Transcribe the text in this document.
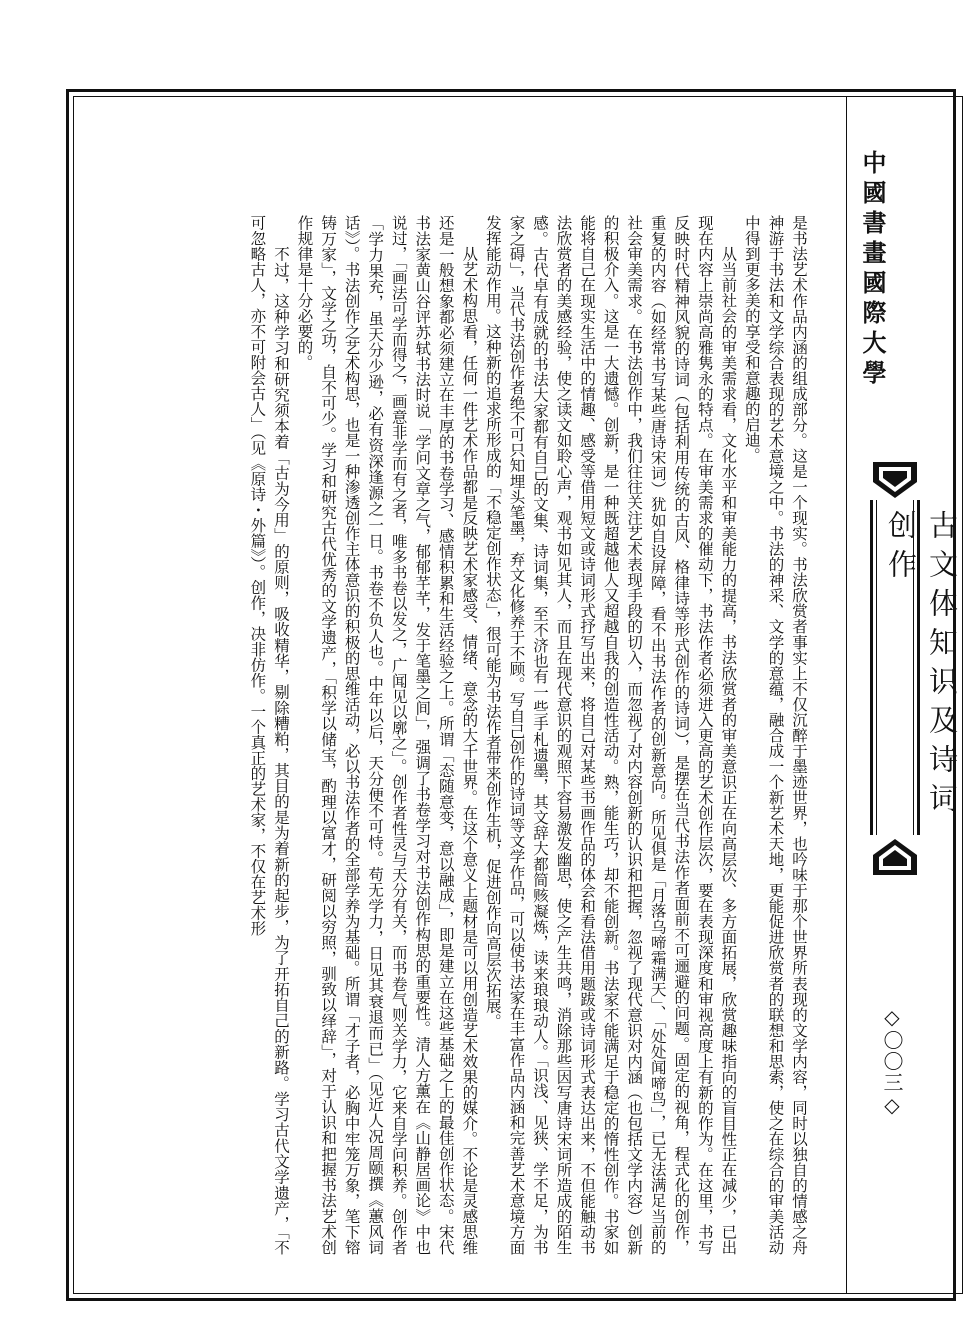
中國書畫國際大學
古文体知识及诗词创作
◇〇〇三◇

是书法艺术作品内涵的组成部分。这是一个现实。书法欣赏者事实上不仅沉醉于墨迹世界，也吟味于那个世界所表现的文学内容，同时以独自的情感之舟神游于书法和文学综合表现的艺术意境之中。书法的神采、文学的意蕴，融合成一个新艺术天地，更能促进欣赏者的联想和思索，使之在综合的审美活动中得到更多美的享受和意趣的启迪。

从当前社会的审美需求看，文化水平和审美能力的提高，书法欣赏者的审美意识正在向高层次、多方面拓展，欣赏趣味指向的盲目性正在减少，已出现在内容上崇尚高雅隽永的特点。在审美需求的催动下，书法作者必须进入更高的艺术创作层次，要在表现深度和审视高度上有新的作为。在这里，书写反映时代精神风貌的诗词（包括利用传统的古风、格律诗等形式创作的诗词），是摆在当代书法作者面前不可逦避的问题。固定的视角，程式化的创作，重复的内容（如经常书写某些唐诗宋词）犹如自设屏障，看不出书法作者的创新意向。所见俱是「月落乌啼霜满天」、「处处闻啼鸟」，已无法满足当前的社会审美需求。在书法创作中，我们往往关注艺术表现手段的切入，而忽视了对内容创新的认识和把握，忽视了现代意识对内涵（也包括文学内容）创新的积极介入。这是一大遗憾。创新，是一种既超越他人又超越自我的创造性活动。熟，能生巧，却不能创新。书法家不能满足于稳定的惰性创作。书家如能将自己在现实生活中的情趣、感受等借用短文或诗词形式抒写出来，将自己对某些书画作品的体会和看法借用题跋或诗词形式表达出来，不但能触动书法欣赏者的美感经验，使之读文如聆心声，观书如见其人，而且在现代意识的观照下容易激发幽思，使之产生共鸣，消除那些因写唐诗宋词所造成的陌生感。古代卓有成就的书法大家都有自己的文集、诗词集，至不济也有一些手札遗墨，其文辞大都简赅凝炼，读来琅琅动人。「识浅、见狭、学不足，为书家之碍」，当代书法创作者绝不可只知埋头笔墨，弃文化修养于不顾。写自己创作的诗词等文学作品，可以使书法家在丰富作品内涵和完善艺术意境方面发挥能动作用。这种新的追求所形成的「不稳定创作状态」，很可能为书法作者带来创作生机，促进创作向高层次拓展。

从艺术构思看，任何一件艺术作品都是反映艺术家感受、情绪、意念的大千世界。在这个意义上题材是可以用创造艺术效果的媒介。不论是灵感思维还是一般想象都必须建立在丰厚的书卷学习、感情积累和生活经验之上。所谓「态随意变，意以融成」，即是建立在这些基础之上的最佳创作状态。宋代书法家黄山谷评苏轼书法时说「学问文章之气，郁郁芊芊，发于笔墨之间」，强调了书卷学习对书法创作构思的重要性。清人方薰在《山静居画论》中也说过，「画法可学而得之，画意非学而有之者，唯多书卷以发之，广闻见以廓之」。创作者性灵与天分有关，而书卷气则关学力，它来自学问积养。创作者「学力果充，虽天分少逊，必有资深逢源之一日。书卷不负人也。中年以后，天分便不可恃。苟无学力，日见其衰退而已」（见近人况周颐撰《蕙风词话》）。书法创作之艺术构思，也是一种渗透创作主体意识的积极的思维活动，必以书法作者的全部学养为基础。所谓「才子者，必胸中牢笼万象，笔下镕铸万家」，文学之功，自不可少。学习和研究古代优秀的文学遗产，「积学以储宝，酌理以富才，研阅以穷照，驯致以绎辞」，对于认识和把握书法艺术创作规律是十分必要的。

不过，这种学习和研究须本着「古为今用」的原则，吸收精华，剔除糟粕，其目的是为着新的起步，为了开拓自己的新路。学习古代文学遗产，「不可忽略古人，亦不可附会古人」（见《原诗・外篇》）。创作，决非仿作。一个真正的艺术家，不仅在艺术形
